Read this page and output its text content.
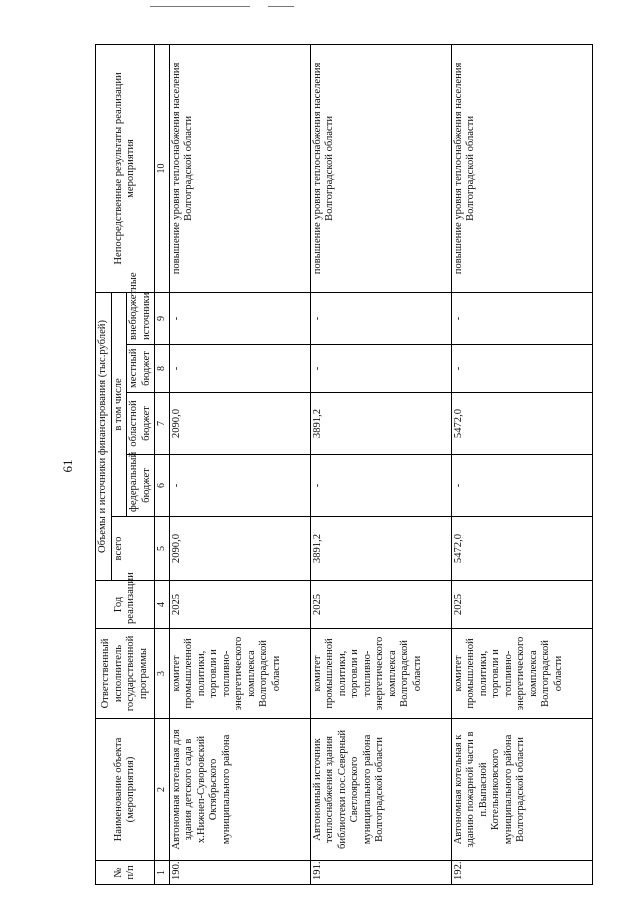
61
№ п/п	Наименование объекта (мероприятия)	Ответственный исполнитель государственной программы	Год реализации	Объемы и источники финансирования (тыс.рублей)					Непосредственные результаты реализации мероприятия
				всего	в том числе				
					федеральный бюджет	областной бюджет	местный бюджет	внебюджетные источники	
1	2	3	4	5	6	7	8	9	10
190.	Автономная котельная для здания детского сада в х.Нижнеп-Суворовский Октябрьского муниципального района	комитет промышленной политики, торговли и топливно-энергетического комплекса Волгоградской области	2025	2090,0	-	2090,0	-	-	повышение уровня теплоснабжения населения Волгоградской области
191.	Автономный источник теплоснабжения здания библиотеки пос.Северный Светлоярского муниципального района Волгоградской области	комитет промышленной политики, торговли и топливно-энергетического комплекса Волгоградской области	2025	3891,2	-	3891,2	-	-	повышение уровня теплоснабжения населения Волгоградской области
192.	Автономная котельная к зданию пожарной части в п.Выпасной Котельниковского муниципального района Волгоградской области	комитет промышленной политики, торговли и топливно-энергетического комплекса Волгоградской области	2025	5472,0	-	5472,0	-	-	повышение уровня теплоснабжения населения Волгоградской области
